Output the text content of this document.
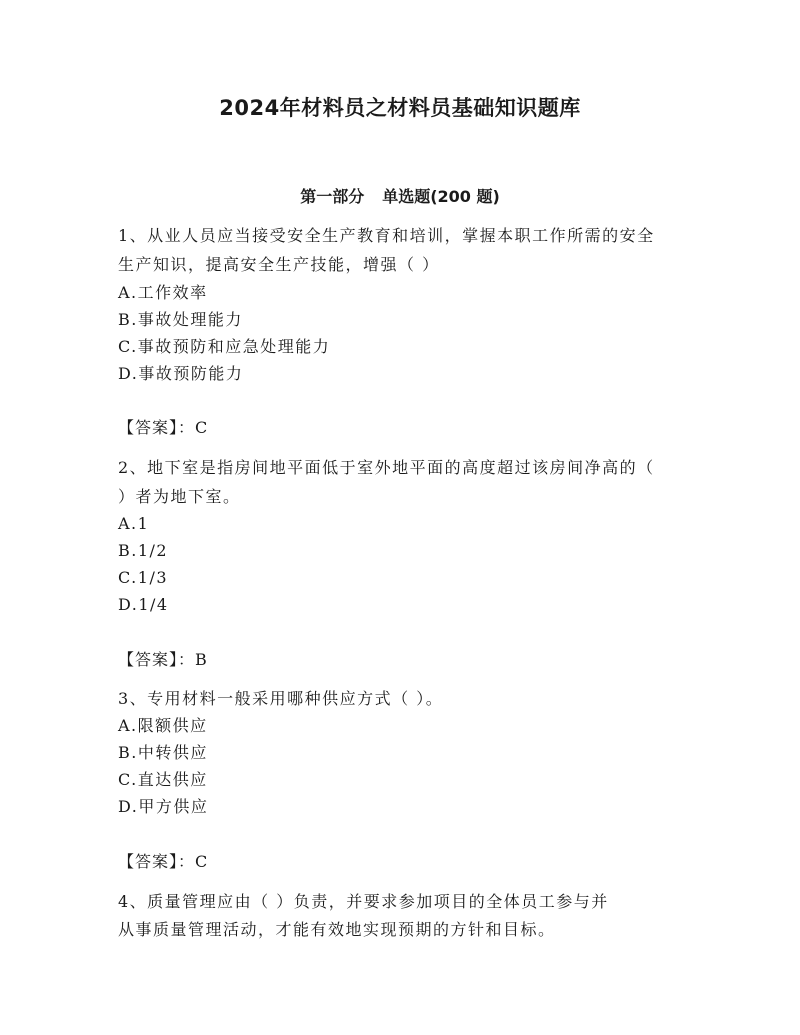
2024年材料员之材料员基础知识题库
第一部分 单选题(200 题)
1、从业人员应当接受安全生产教育和培训，掌握本职工作所需的安全
生产知识，提高安全生产技能，增强（ ）
A.工作效率
B.事故处理能力
C.事故预防和应急处理能力
D.事故预防能力
【答案】：C
2、地下室是指房间地平面低于室外地平面的高度超过该房间净高的（
）者为地下室。
A.1
B.1/2
C.1/3
D.1/4
【答案】：B
3、专用材料一般采用哪种供应方式（ ）。
A.限额供应
B.中转供应
C.直达供应
D.甲方供应
【答案】：C
4、质量管理应由（ ）负责，并要求参加项目的全体员工参与并
从事质量管理活动，才能有效地实现预期的方针和目标。
